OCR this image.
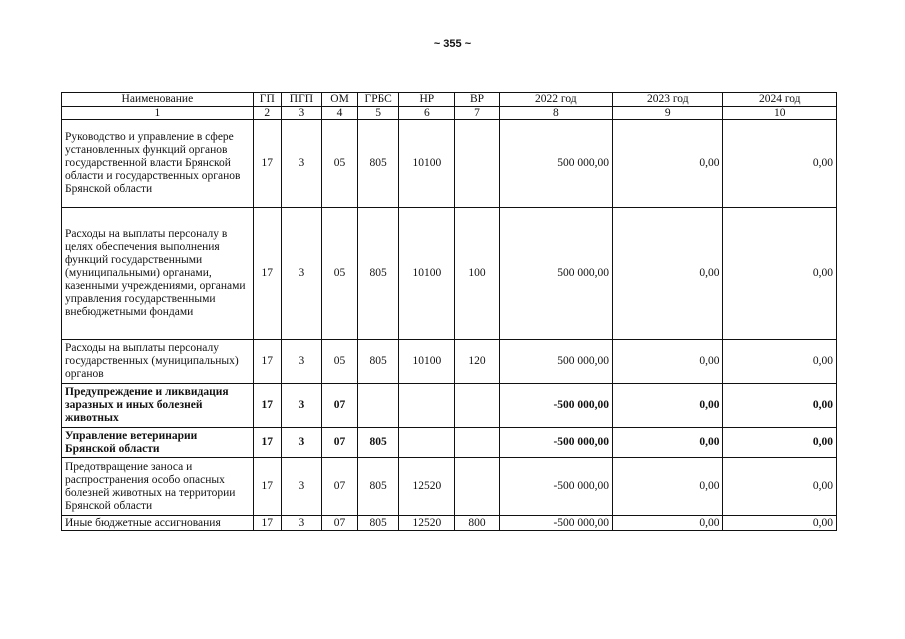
~ 355 ~
Наименование	ГП	ПГП	ОМ	ГРБС	НР	ВР	2022 год	2023 год	2024 год
1	2	3	4	5	6	7	8	9	10
Руководство и управление в сфере установленных функций органов государственной власти Брянской области и государственных органов Брянской области	17	3	05	805	10100		500 000,00	0,00	0,00
Расходы на выплаты персоналу в целях обеспечения выполнения функций государственными (муниципальными) органами, казенными учреждениями, органами управления государственными внебюджетными фондами	17	3	05	805	10100	100	500 000,00	0,00	0,00
Расходы на выплаты персоналу государственных (муниципальных) органов	17	3	05	805	10100	120	500 000,00	0,00	0,00
Предупреждение и ликвидация заразных и иных болезней животных	17	3	07				-500 000,00	0,00	0,00
Управление ветеринарии Брянской области	17	3	07	805			-500 000,00	0,00	0,00
Предотвращение заноса и распространения особо опасных болезней животных на территории Брянской области	17	3	07	805	12520		-500 000,00	0,00	0,00
Иные бюджетные ассигнования	17	3	07	805	12520	800	-500 000,00	0,00	0,00
